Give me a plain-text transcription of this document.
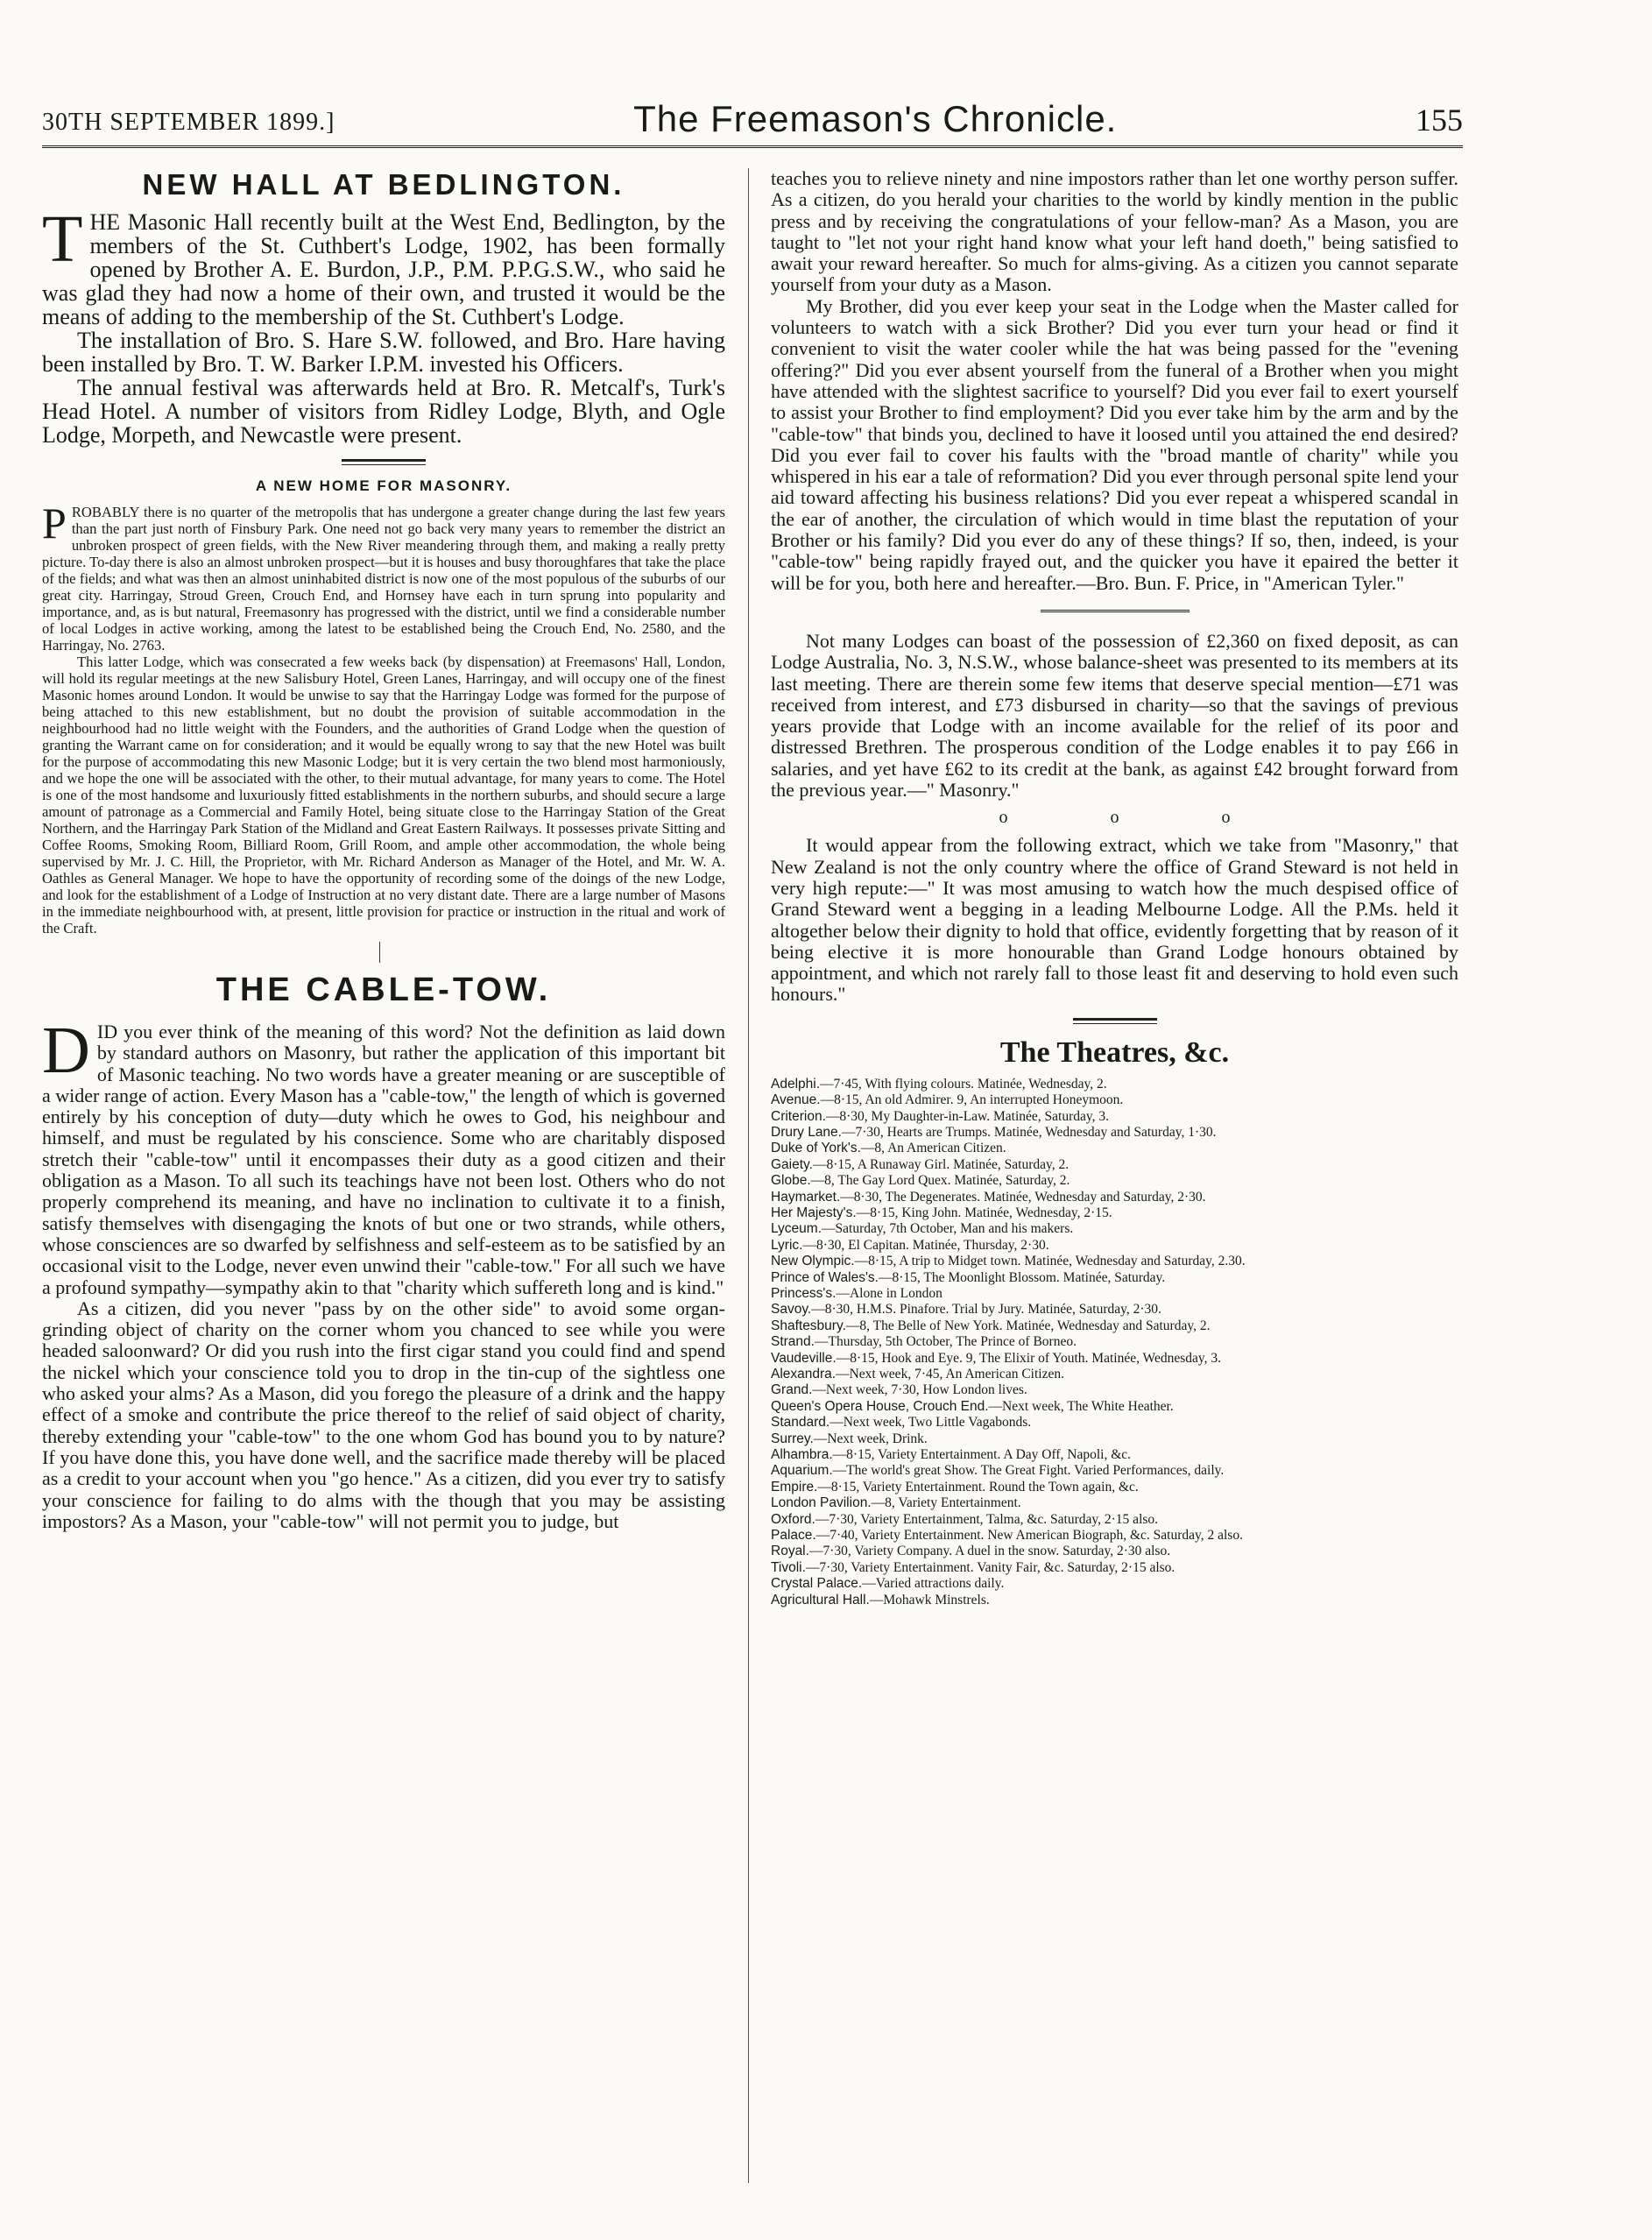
30TH SEPTEMBER 1899.]	The Freemason's Chronicle.	155
NEW HALL AT BEDLINGTON.

THE Masonic Hall recently built at the West End, Bedlington, by the members of the St. Cuthbert's Lodge, 1902, has been formally opened by Brother A. E. Burdon, J.P., P.M. P.P.G.S.W., who said he was glad they had now a home of their own, and trusted it would be the means of adding to the membership of the St. Cuthbert's Lodge.

The installation of Bro. S. Hare S.W. followed, and Bro. Hare having been installed by Bro. T. W. Barker I.P.M. invested his Officers.

The annual festival was afterwards held at Bro. R. Metcalf's, Turk's Head Hotel. A number of visitors from Ridley Lodge, Blyth, and Ogle Lodge, Morpeth, and Newcastle were present.

A NEW HOME FOR MASONRY.

PROBABLY there is no quarter of the metropolis that has undergone a greater change during the last few years than the part just north of Finsbury Park. One need not go back very many years to remember the district an unbroken prospect of green fields, with the New River meandering through them, and making a really pretty picture. To-day there is also an almost unbroken prospect—but it is houses and busy thoroughfares that take the place of the fields; and what was then an almost uninhabited district is now one of the most populous of the suburbs of our great city. Harringay, Stroud Green, Crouch End, and Hornsey have each in turn sprung into popularity and importance, and, as is but natural, Freemasonry has progressed with the district, until we find a considerable number of local Lodges in active working, among the latest to be established being the Crouch End, No. 2580, and the Harringay, No. 2763.

This latter Lodge, which was consecrated a few weeks back (by dispensation) at Freemasons' Hall, London, will hold its regular meetings at the new Salisbury Hotel, Green Lanes, Harringay, and will occupy one of the finest Masonic homes around London. It would be unwise to say that the Harringay Lodge was formed for the purpose of being attached to this new establishment, but no doubt the provision of suitable accommodation in the neighbourhood had no little weight with the Founders, and the authorities of Grand Lodge when the question of granting the Warrant came on for consideration; and it would be equally wrong to say that the new Hotel was built for the purpose of accommodating this new Masonic Lodge; but it is very certain the two blend most harmoniously, and we hope the one will be associated with the other, to their mutual advantage, for many years to come. The Hotel is one of the most handsome and luxuriously fitted establishments in the northern suburbs, and should secure a large amount of patronage as a Commercial and Family Hotel, being situate close to the Harringay Station of the Great Northern, and the Harringay Park Station of the Midland and Great Eastern Railways. It possesses private Sitting and Coffee Rooms, Smoking Room, Billiard Room, Grill Room, and ample other accommodation, the whole being supervised by Mr. J. C. Hill, the Proprietor, with Mr. Richard Anderson as Manager of the Hotel, and Mr. W. A. Oathles as General Manager. We hope to have the opportunity of recording some of the doings of the new Lodge, and look for the establishment of a Lodge of Instruction at no very distant date. There are a large number of Masons in the immediate neighbourhood with, at present, little provision for practice or instruction in the ritual and work of the Craft.

THE CABLE-TOW.

DID you ever think of the meaning of this word? Not the definition as laid down by standard authors on Masonry, but rather the application of this important bit of Masonic teaching. No two words have a greater meaning or are susceptible of a wider range of action. Every Mason has a "cable-tow," the length of which is governed entirely by his conception of duty—duty which he owes to God, his neighbour and himself, and must be regulated by his conscience. Some who are charitably disposed stretch their "cable-tow" until it encompasses their duty as a good citizen and their obligation as a Mason. To all such its teachings have not been lost. Others who do not properly comprehend its meaning, and have no inclination to cultivate it to a finish, satisfy themselves with disengaging the knots of but one or two strands, while others, whose consciences are so dwarfed by selfishness and self-esteem as to be satisfied by an occasional visit to the Lodge, never even unwind their "cable-tow." For all such we have a profound sympathy—sympathy akin to that "charity which suffereth long and is kind."

As a citizen, did you never "pass by on the other side" to avoid some organ-grinding object of charity on the corner whom you chanced to see while you were headed saloonward? Or did you rush into the first cigar stand you could find and spend the nickel which your conscience told you to drop in the tin-cup of the sightless one who asked your alms? As a Mason, did you forego the pleasure of a drink and the happy effect of a smoke and contribute the price thereof to the relief of said object of charity, thereby extending your "cable-tow" to the one whom God has bound you to by nature? If you have done this, you have done well, and the sacrifice made thereby will be placed as a credit to your account when you "go hence." As a citizen, did you ever try to satisfy your conscience for failing to do alms with the though that you may be assisting impostors? As a Mason, your "cable-tow" will not permit you to judge, but

teaches you to relieve ninety and nine impostors rather than let one worthy person suffer. As a citizen, do you herald your charities to the world by kindly mention in the public press and by receiving the congratulations of your fellow-man? As a Mason, you are taught to "let not your right hand know what your left hand doeth," being satisfied to await your reward hereafter. So much for alms-giving. As a citizen you cannot separate yourself from your duty as a Mason.

My Brother, did you ever keep your seat in the Lodge when the Master called for volunteers to watch with a sick Brother? Did you ever turn your head or find it convenient to visit the water cooler while the hat was being passed for the "evening offering?" Did you ever absent yourself from the funeral of a Brother when you might have attended with the slightest sacrifice to yourself? Did you ever fail to exert yourself to assist your Brother to find employment? Did you ever take him by the arm and by the "cable-tow" that binds you, declined to have it loosed until you attained the end desired? Did you ever fail to cover his faults with the "broad mantle of charity" while you whispered in his ear a tale of reformation? Did you ever through personal spite lend your aid toward affecting his business relations? Did you ever repeat a whispered scandal in the ear of another, the circulation of which would in time blast the reputation of your Brother or his family? Did you ever do any of these things? If so, then, indeed, is your "cable-tow" being rapidly frayed out, and the quicker you have it epaired the better it will be for you, both here and hereafter.—Bro. Bun. F. Price, in "American Tyler."

Not many Lodges can boast of the possession of £2,360 on fixed deposit, as can Lodge Australia, No. 3, N.S.W., whose balance-sheet was presented to its members at its last meeting. There are therein some few items that deserve special mention—£71 was received from interest, and £73 disbursed in charity—so that the savings of previous years provide that Lodge with an income available for the relief of its poor and distressed Brethren. The prosperous condition of the Lodge enables it to pay £66 in salaries, and yet have £62 to its credit at the bank, as against £42 brought forward from the previous year.—" Masonry."

o o o

It would appear from the following extract, which we take from "Masonry," that New Zealand is not the only country where the office of Grand Steward is not held in very high repute:—" It was most amusing to watch how the much despised office of Grand Steward went a begging in a leading Melbourne Lodge. All the P.Ms. held it altogether below their dignity to hold that office, evidently forgetting that by reason of it being elective it is more honourable than Grand Lodge honours obtained by appointment, and which not rarely fall to those least fit and deserving to hold even such honours."

The Theatres, &c.

Adelphi.—7·45, With flying colours. Matinée, Wednesday, 2.

Avenue.—8·15, An old Admirer. 9, An interrupted Honeymoon.

Criterion.—8·30, My Daughter-in-Law. Matinée, Saturday, 3.

Drury Lane.—7·30, Hearts are Trumps. Matinée, Wednesday and Saturday, 1·30.

Duke of York's.—8, An American Citizen.

Gaiety.—8·15, A Runaway Girl. Matinée, Saturday, 2.

Globe.—8, The Gay Lord Quex. Matinée, Saturday, 2.

Haymarket.—8·30, The Degenerates. Matinée, Wednesday and Saturday, 2·30.

Her Majesty's.—8·15, King John. Matinée, Wednesday, 2·15.

Lyceum.—Saturday, 7th October, Man and his makers.

Lyric.—8·30, El Capitan. Matinée, Thursday, 2·30.

New Olympic.—8·15, A trip to Midget town. Matinée, Wednesday and Saturday, 2.30.

Prince of Wales's.—8·15, The Moonlight Blossom. Matinée, Saturday.

Princess's.—Alone in London

Savoy.—8·30, H.M.S. Pinafore. Trial by Jury. Matinée, Saturday, 2·30.

Shaftesbury.—8, The Belle of New York. Matinée, Wednesday and Saturday, 2.

Strand.—Thursday, 5th October, The Prince of Borneo.

Vaudeville.—8·15, Hook and Eye. 9, The Elixir of Youth. Matinée, Wednesday, 3.

Alexandra.—Next week, 7·45, An American Citizen.

Grand.—Next week, 7·30, How London lives.

Queen's Opera House, Crouch End.—Next week, The White Heather.

Standard.—Next week, Two Little Vagabonds.

Surrey.—Next week, Drink.

Alhambra.—8·15, Variety Entertainment. A Day Off, Napoli, &c.

Aquarium.—The world's great Show. The Great Fight. Varied Performances, daily.

Empire.—8·15, Variety Entertainment. Round the Town again, &c.

London Pavilion.—8, Variety Entertainment.

Oxford.—7·30, Variety Entertainment, Talma, &c. Saturday, 2·15 also.

Palace.—7·40, Variety Entertainment. New American Biograph, &c. Saturday, 2 also.

Royal.—7·30, Variety Company. A duel in the snow. Saturday, 2·30 also.

Tivoli.—7·30, Variety Entertainment. Vanity Fair, &c. Saturday, 2·15 also.

Crystal Palace.—Varied attractions daily.

Agricultural Hall.—Mohawk Minstrels.
